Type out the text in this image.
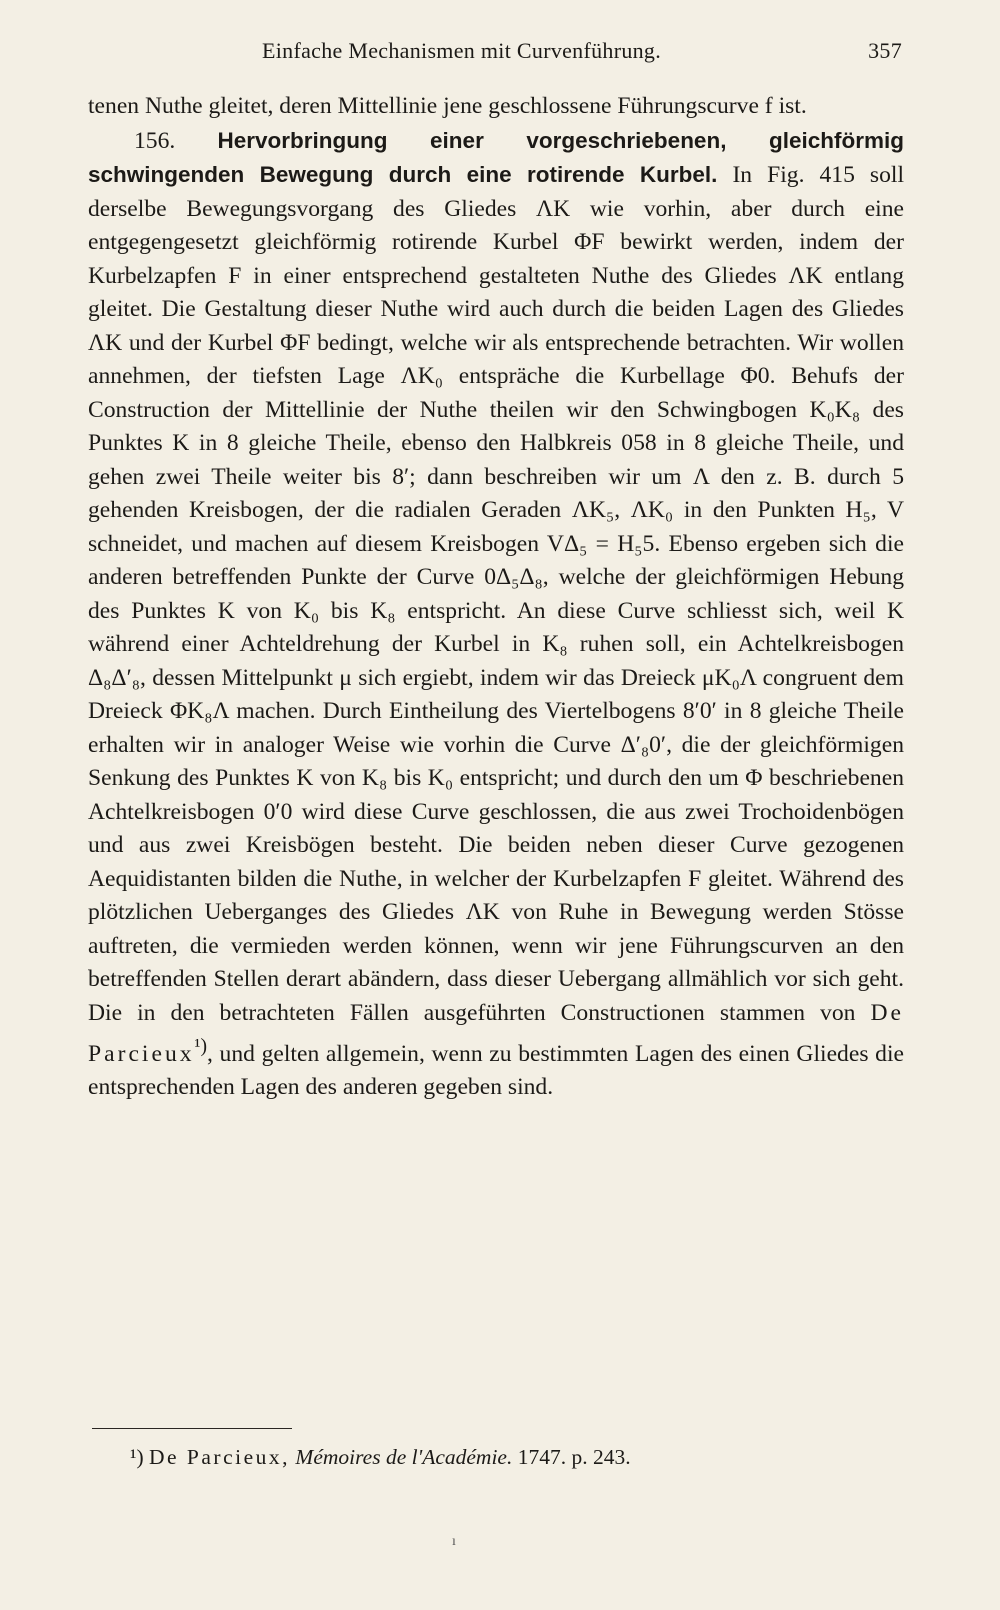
Einfache Mechanismen mit Curvenführung.	357

tenen Nuthe gleitet, deren Mittellinie jene geschlossene Führungscurve f ist.

156. Hervorbringung einer vorgeschriebenen, gleichförmig schwingenden Bewegung durch eine rotirende Kurbel. In Fig. 415 soll derselbe Bewegungsvorgang des Gliedes ΛK wie vorhin, aber durch eine entgegengesetzt gleichförmig rotirende Kurbel ΦF bewirkt werden, indem der Kurbelzapfen F in einer entsprechend gestalteten Nuthe des Gliedes ΛK entlang gleitet. Die Gestaltung dieser Nuthe wird auch durch die beiden Lagen des Gliedes ΛK und der Kurbel ΦF bedingt, welche wir als entsprechende betrachten. Wir wollen annehmen, der tiefsten Lage ΛK₀ entspräche die Kurbellage Φ0. Behufs der Construction der Mittellinie der Nuthe theilen wir den Schwingbogen K₀K₈ des Punktes K in 8 gleiche Theile, ebenso den Halbkreis 058 in 8 gleiche Theile, und gehen zwei Theile weiter bis 8′; dann beschreiben wir um Λ den z. B. durch 5 gehenden Kreisbogen, der die radialen Geraden ΛK₅, ΛK₀ in den Punkten H₅, V schneidet, und machen auf diesem Kreisbogen VΔ₅ = H₅5. Ebenso ergeben sich die anderen betreffenden Punkte der Curve 0Δ₅Δ₈, welche der gleichförmigen Hebung des Punktes K von K₀ bis K₈ entspricht. An diese Curve schliesst sich, weil K während einer Achteldrehung der Kurbel in K₈ ruhen soll, ein Achtelkreisbogen Δ₈Δ′₈, dessen Mittelpunkt μ sich ergiebt, indem wir das Dreieck μK₀Λ congruent dem Dreieck ΦK₈Λ machen. Durch Eintheilung des Viertelbogens 8′0′ in 8 gleiche Theile erhalten wir in analoger Weise wie vorhin die Curve Δ′₈0′, die der gleichförmigen Senkung des Punktes K von K₈ bis K₀ entspricht; und durch den um Φ beschriebenen Achtelkreisbogen 0′0 wird diese Curve geschlossen, die aus zwei Trochoidenbögen und aus zwei Kreisbögen besteht. Die beiden neben dieser Curve gezogenen Aequidistanten bilden die Nuthe, in welcher der Kurbelzapfen F gleitet. Während des plötzlichen Ueberganges des Gliedes ΛK von Ruhe in Bewegung werden Stösse auftreten, die vermieden werden können, wenn wir jene Führungscurven an den betreffenden Stellen derart abändern, dass dieser Uebergang allmählich vor sich geht. Die in den betrachteten Fällen ausgeführten Constructionen stammen von De Parcieux$^{^1)}$, und gelten allgemein, wenn zu bestimmten Lagen des einen Gliedes die entsprechenden Lagen des anderen gegeben sind.

¹) De Parcieux, Mémoires de l'Académie. 1747. p. 243.
ı
